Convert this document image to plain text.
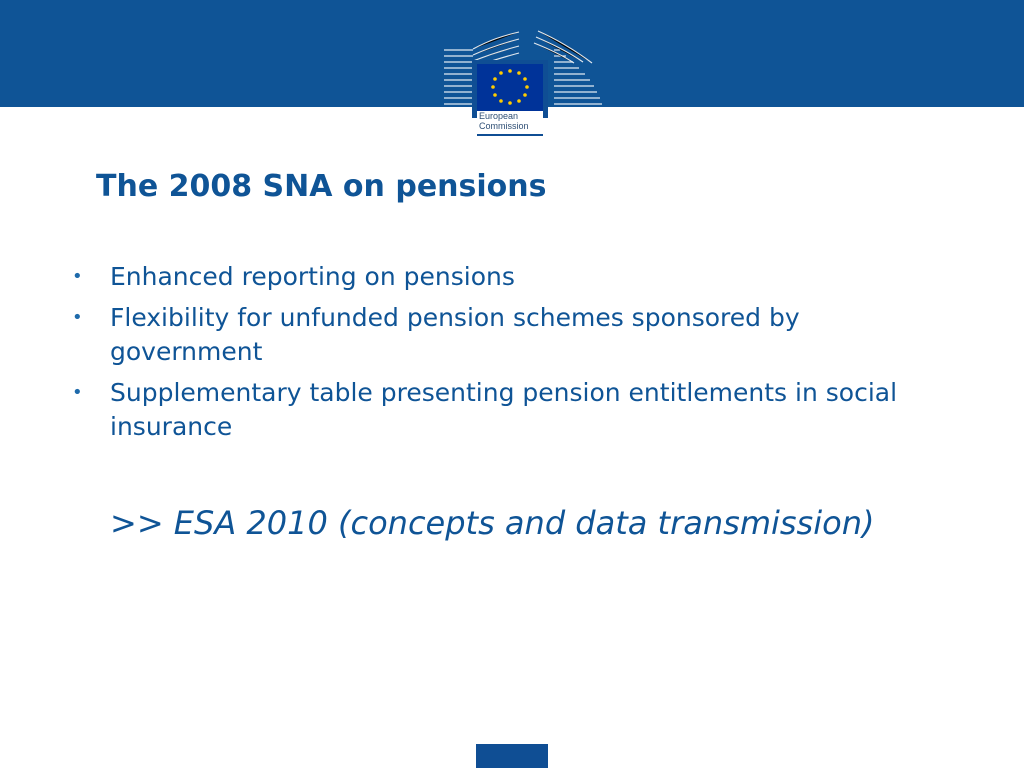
European
Commission
The 2008 SNA on pensions
•	Enhanced reporting on pensions
•	Flexibility for unfunded pension schemes sponsored by government
•	Supplementary table presenting pension entitlements in social insurance

>> ESA 2010 (concepts and data transmission)
